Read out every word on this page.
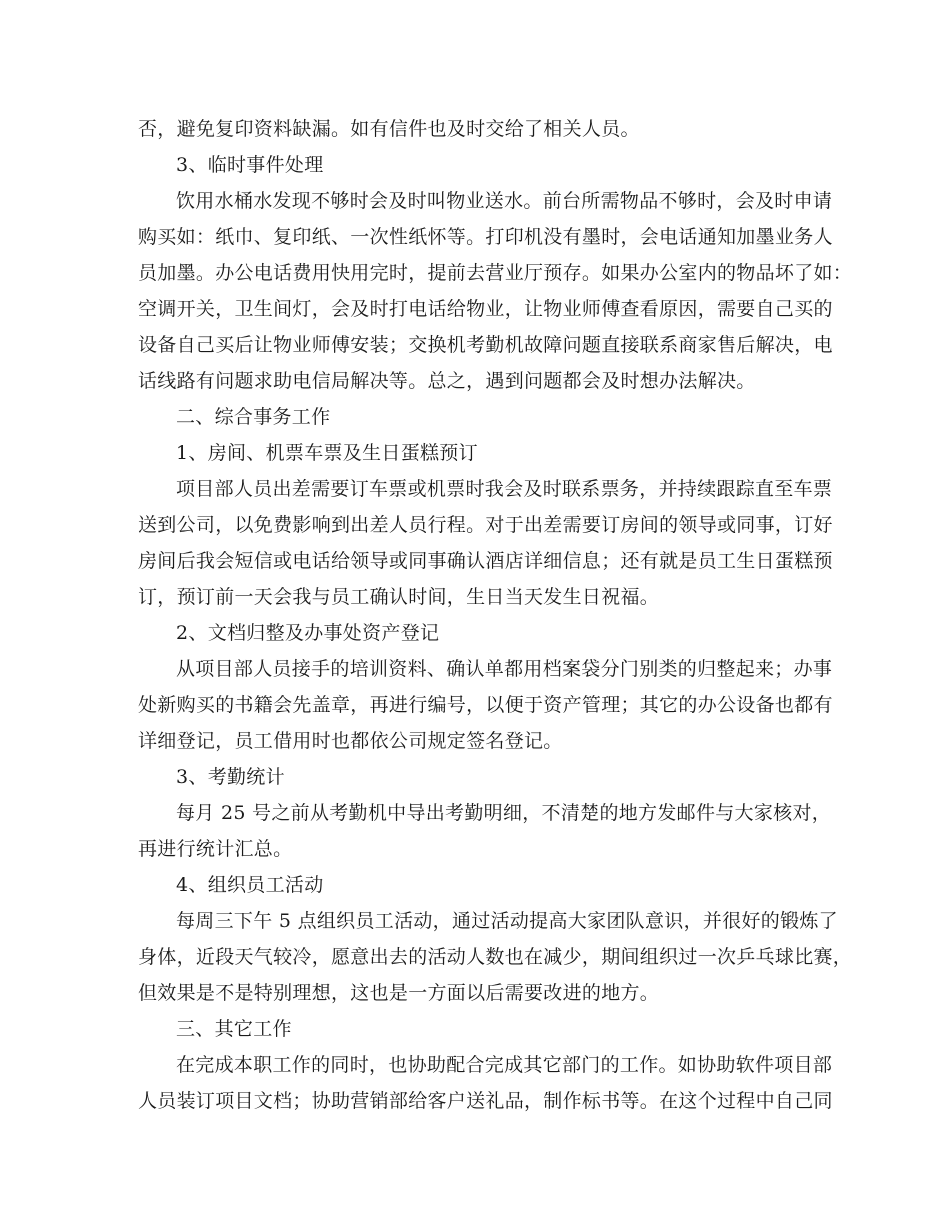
否，避免复印资料缺漏。如有信件也及时交给了相关人员。
3、临时事件处理
饮用水桶水发现不够时会及时叫物业送水。前台所需物品不够时，会及时申请
购买如：纸巾、复印纸、一次性纸怀等。打印机没有墨时，会电话通知加墨业务人
员加墨。办公电话费用快用完时，提前去营业厅预存。如果办公室内的物品坏了如：
空调开关，卫生间灯，会及时打电话给物业，让物业师傅查看原因，需要自己买的
设备自己买后让物业师傅安装；交换机考勤机故障问题直接联系商家售后解决，电
话线路有问题求助电信局解决等。总之，遇到问题都会及时想办法解决。
二、综合事务工作
1、房间、机票车票及生日蛋糕预订
项目部人员出差需要订车票或机票时我会及时联系票务，并持续跟踪直至车票
送到公司，以免费影响到出差人员行程。对于出差需要订房间的领导或同事，订好
房间后我会短信或电话给领导或同事确认酒店详细信息；还有就是员工生日蛋糕预
订，预订前一天会我与员工确认时间，生日当天发生日祝福。
2、文档归整及办事处资产登记
从项目部人员接手的培训资料、确认单都用档案袋分门别类的归整起来；办事
处新购买的书籍会先盖章，再进行编号，以便于资产管理；其它的办公设备也都有
详细登记，员工借用时也都依公司规定签名登记。
3、考勤统计
每月 25 号之前从考勤机中导出考勤明细，不清楚的地方发邮件与大家核对，
再进行统计汇总。
4、组织员工活动
每周三下午 5 点组织员工活动，通过活动提高大家团队意识，并很好的锻炼了
身体，近段天气较冷，愿意出去的活动人数也在减少，期间组织过一次乒乓球比赛，
但效果是不是特别理想，这也是一方面以后需要改进的地方。
三、其它工作
在完成本职工作的同时，也协助配合完成其它部门的工作。如协助软件项目部
人员装订项目文档；协助营销部给客户送礼品，制作标书等。在这个过程中自己同
